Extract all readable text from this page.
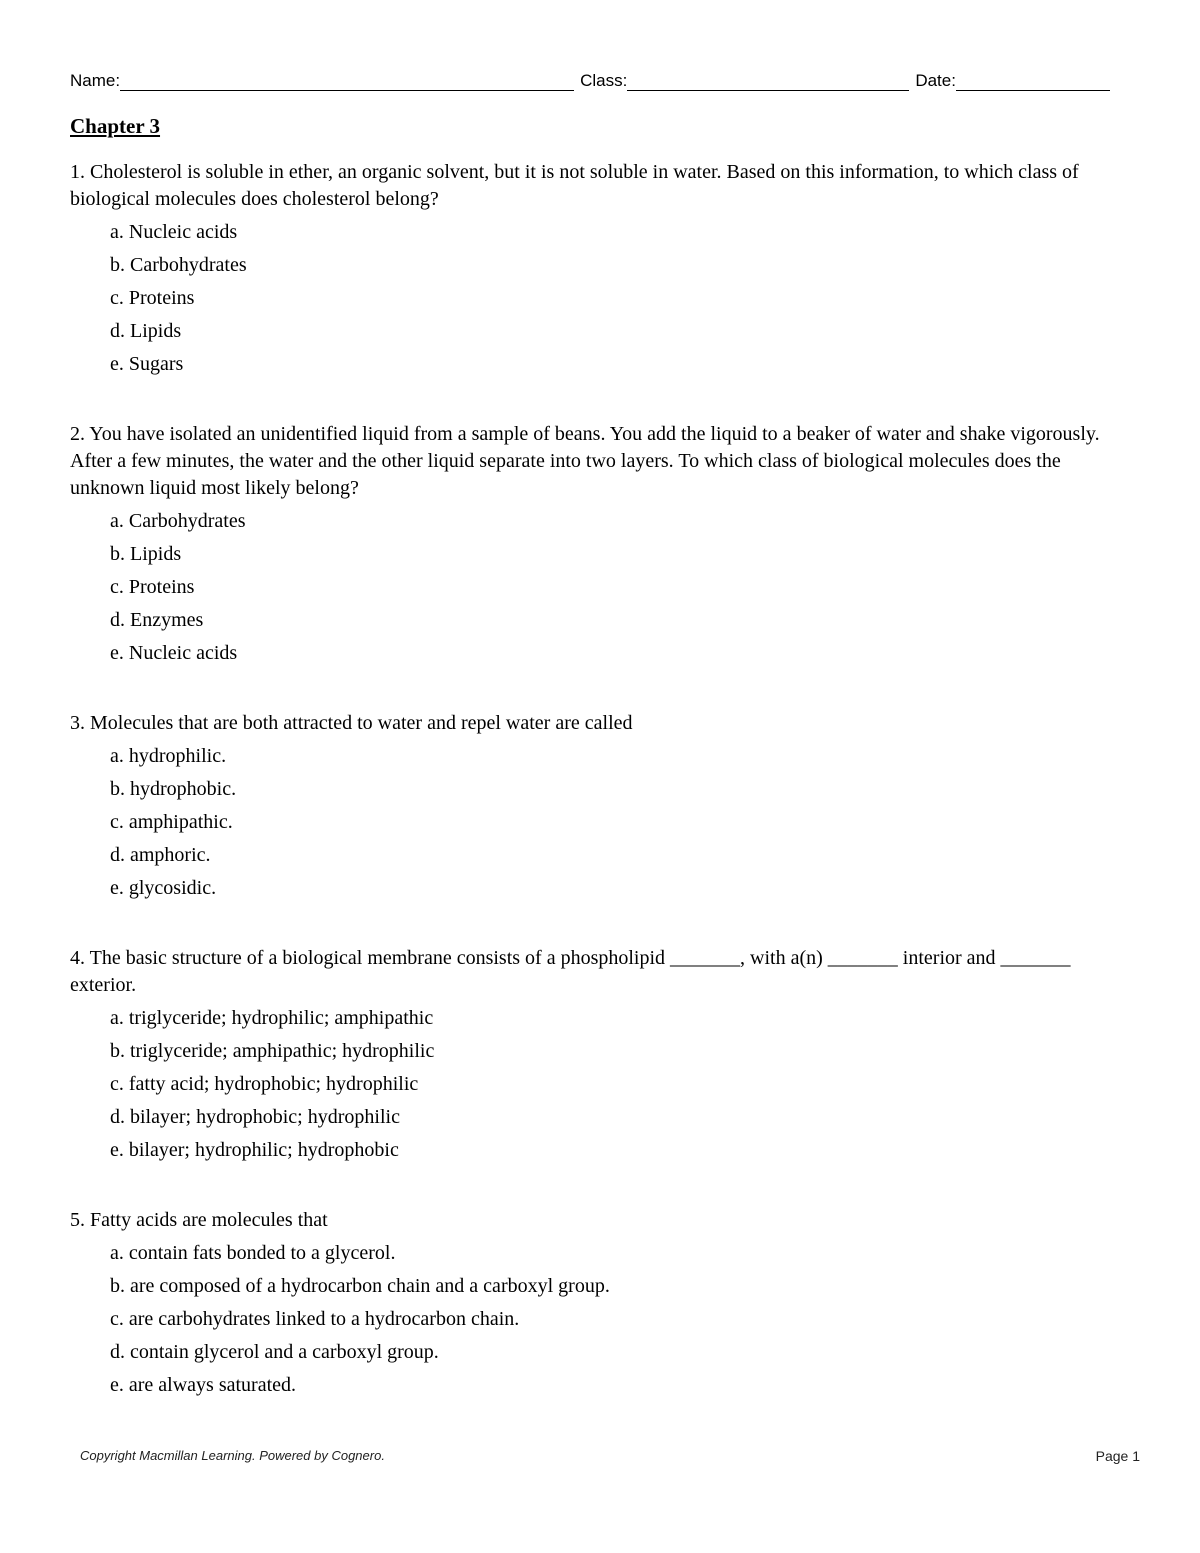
Name:	Class:	Date:
Chapter 3

1. Cholesterol is soluble in ether, an organic solvent, but it is not soluble in water. Based on this information, to which class of biological molecules does cholesterol belong?

a. Nucleic acids
b. Carbohydrates
c. Proteins
d. Lipids
e. Sugars

2. You have isolated an unidentified liquid from a sample of beans. You add the liquid to a beaker of water and shake vigorously. After a few minutes, the water and the other liquid separate into two layers. To which class of biological molecules does the unknown liquid most likely belong?

a. Carbohydrates
b. Lipids
c. Proteins
d. Enzymes
e. Nucleic acids

3. Molecules that are both attracted to water and repel water are called

a. hydrophilic.
b. hydrophobic.
c. amphipathic.
d. amphoric.
e. glycosidic.

4. The basic structure of a biological membrane consists of a phospholipid _______, with a(n) _______ interior and _______ exterior.

a. triglyceride; hydrophilic; amphipathic
b. triglyceride; amphipathic; hydrophilic
c. fatty acid; hydrophobic; hydrophilic
d. bilayer; hydrophobic; hydrophilic
e. bilayer; hydrophilic; hydrophobic

5. Fatty acids are molecules that

a. contain fats bonded to a glycerol.
b. are composed of a hydrocarbon chain and a carboxyl group.
c. are carbohydrates linked to a hydrocarbon chain.
d. contain glycerol and a carboxyl group.
e. are always saturated.
Copyright Macmillan Learning. Powered by Cognero.	Page 1
